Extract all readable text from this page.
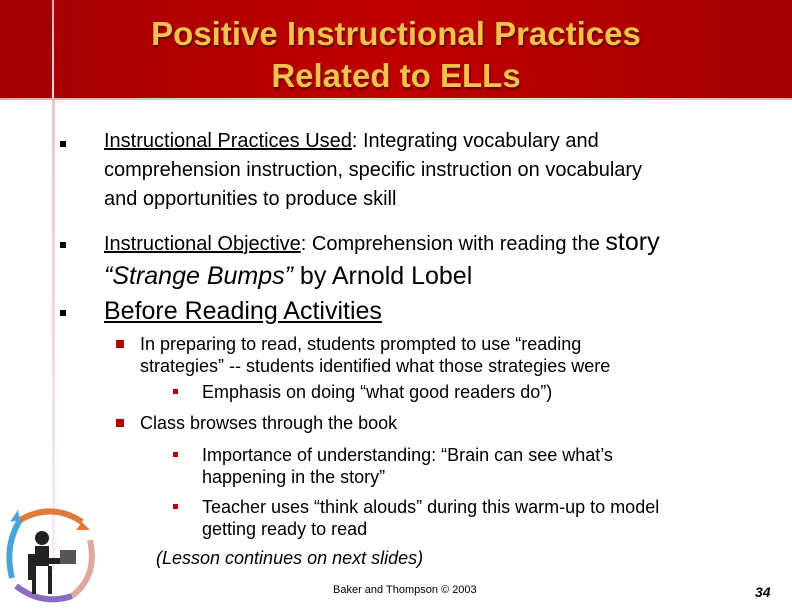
Positive Instructional Practices
Related to ELLs
Instructional Practices Used: Integrating vocabulary and
comprehension instruction, specific instruction on vocabulary
and opportunities to produce skill
Instructional Objective: Comprehension with reading the story
“Strange Bumps” by Arnold Lobel
Before Reading Activities
In preparing to read, students prompted to use “reading
strategies” -- students identified what those strategies were
Emphasis on doing “what good readers do”)
Class browses through the book
Importance of understanding: “Brain can see what’s
happening in the story”
Teacher uses “think alouds” during this warm-up to model
getting ready to read
(Lesson continues on next slides)
Baker and Thompson © 2003	34
